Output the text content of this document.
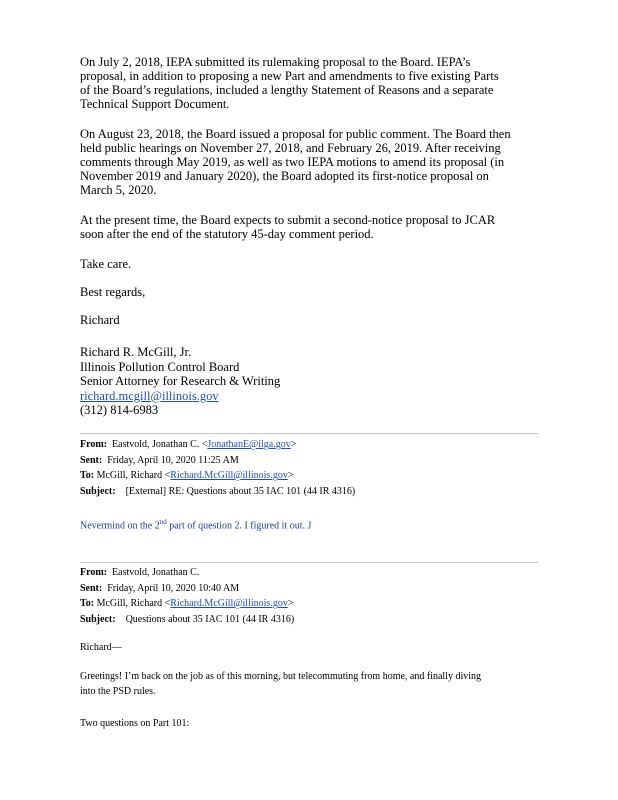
On July 2, 2018, IEPA submitted its rulemaking proposal to the Board. IEPA’s
proposal, in addition to proposing a new Part and amendments to five existing Parts
of the Board’s regulations, included a lengthy Statement of Reasons and a separate
Technical Support Document.
On August 23, 2018, the Board issued a proposal for public comment. The Board then
held public hearings on November 27, 2018, and February 26, 2019. After receiving
comments through May 2019, as well as two IEPA motions to amend its proposal (in
November 2019 and January 2020), the Board adopted its first-notice proposal on
March 5, 2020.
At the present time, the Board expects to submit a second-notice proposal to JCAR
soon after the end of the statutory 45-day comment period.
Take care.
Best regards,
Richard
Richard R. McGill, Jr.
Illinois Pollution Control Board
Senior Attorney for Research & Writing
richard.mcgill@illinois.gov
(312) 814-6983
From: Eastvold, Jonathan C. <JonathanE@ilga.gov>
Sent: Friday, April 10, 2020 11:25 AM
To: McGill, Richard <Richard.McGill@illinois.gov>
Subject: [External] RE: Questions about 35 IAC 101 (44 IR 4316)
Nevermind on the 2nd part of question 2. I figured it out. J
From: Eastvold, Jonathan C.
Sent: Friday, April 10, 2020 10:40 AM
To: McGill, Richard <Richard.McGill@illinois.gov>
Subject: Questions about 35 IAC 101 (44 IR 4316)
Richard—
Greetings! I’m back on the job as of this morning, but telecommuting from home, and finally diving
into the PSD rules.
Two questions on Part 101:
